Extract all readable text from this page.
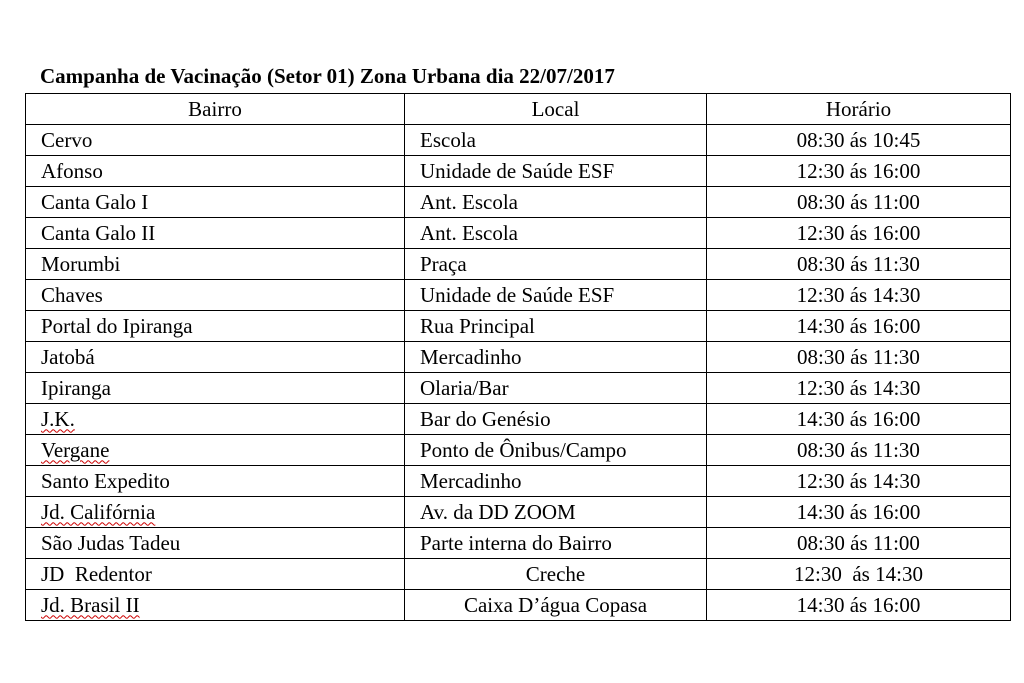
Campanha de Vacinação (Setor 01) Zona Urbana dia 22/07/2017
Bairro	Local	Horário
Cervo	Escola	08:30 ás 10:45
Afonso	Unidade de Saúde ESF	12:30 ás 16:00
Canta Galo I	Ant. Escola	08:30 ás 11:00
Canta Galo II	Ant. Escola	12:30 ás 16:00
Morumbi	Praça	08:30 ás 11:30
Chaves	Unidade de Saúde ESF	12:30 ás 14:30
Portal do Ipiranga	Rua Principal	14:30 ás 16:00
Jatobá	Mercadinho	08:30 ás 11:30
Ipiranga	Olaria/Bar	12:30 ás 14:30
J.K.	Bar do Genésio	14:30 ás 16:00
Vergane	Ponto de Ônibus/Campo	08:30 ás 11:30
Santo Expedito	Mercadinho	12:30 ás 14:30
Jd. Califórnia	Av. da DD ZOOM	14:30 ás 16:00
São Judas Tadeu	Parte interna do Bairro	08:30 ás 11:00
JD  Redentor	Creche	12:30  ás 14:30
Jd. Brasil II	Caixa D’água Copasa	14:30 ás 16:00
